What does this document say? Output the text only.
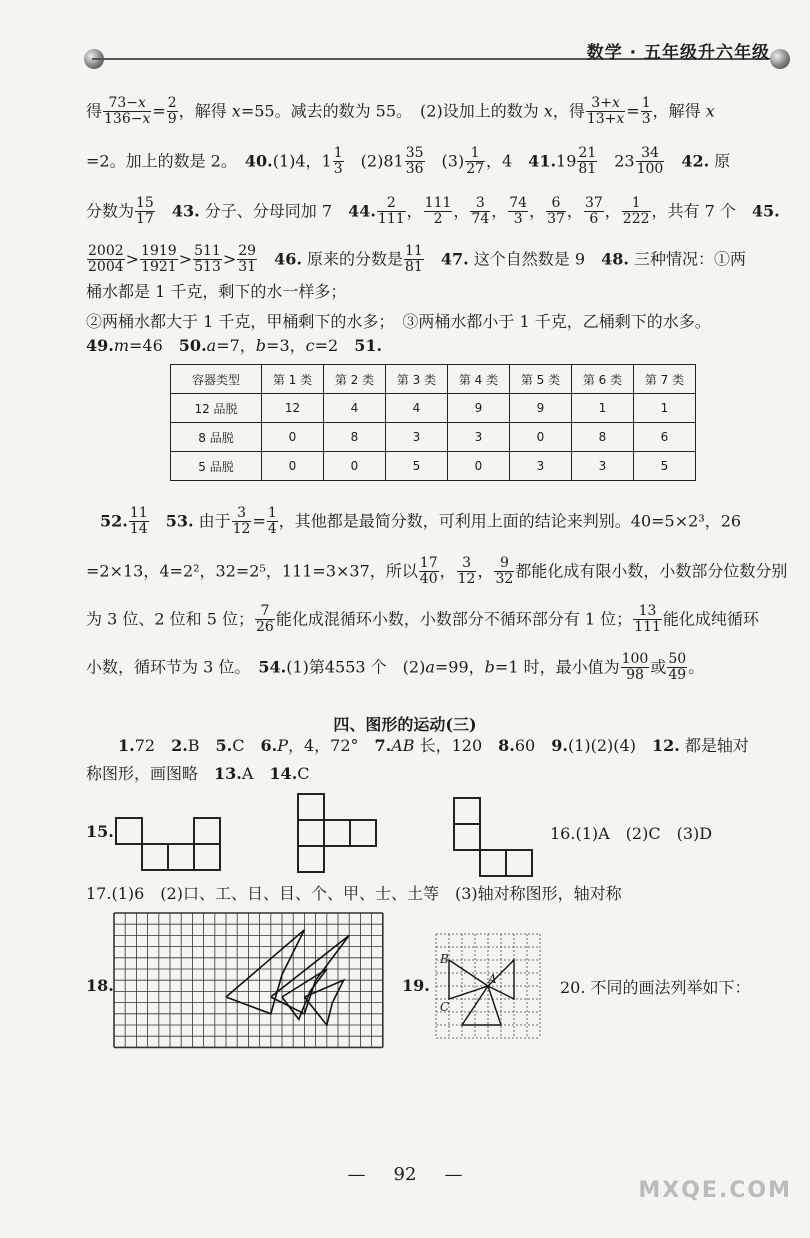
数学 · 五年级升六年级
得 $\frac{73-x}{136-x} = \frac{2}{9}$ ，解得 x=55。减去的数为 55。　(2)设加上的数为 x，得 $\frac{3+x}{13+x} = \frac{1}{3}$ ，解得 x
=2。加上的数是 2。　40.(1)4，$1 \frac{1}{3}$ 　$(2)81 \frac{35}{36}$ 　$(3) \frac{1}{27}$ ，4　$41.19 \frac{21}{81}$ 　$23 \frac{34}{100}$
　 42. 原
分数为 $\frac{15}{17}$
　 43. 分子、分母同加 7　44. $\frac{2}{111}$ ， $\frac{111}{2}$ ， $\frac{3}{74}$ ， $\frac{74}{3}$ ， $\frac{6}{37}$ ， $\frac{37}{6}$ ， $\frac{1}{222}$ ，共有 7 个　45.
$\frac{2002}{2004} > \frac{1919}{1921} > \frac{511}{513} > \frac{29}{31}$
　 46. 原来的分数是 $\frac{11}{81}$
　 47. 这个自然数是 9　48. 三种情况：①两
桶水都是 1 千克，剩下的水一样多；
②两桶水都大于 1 千克，甲桶剩下的水多；　③两桶水都小于 1 千克，乙桶剩下的水多。
49.m=46　50.a=7，b=3，c=2　51.
容器类型	第 1 类	第 2 类	第 3 类	第 4 类	第 5 类	第 6 类	第 7 类
12 品脱	12	4	4	9	9	1	1
8 品脱	0	8	3	3	0	8	6
5 品脱	0	0	5	0	3	3	5
52. $\frac{11}{14}$
　 53. 由于 $\frac{3}{12} = \frac{1}{4}$ ，其他都是最简分数，可利用上面的结论来判别。40=5×2³，26
=2×13，4=2²，32=2⁵，111=3×37，所以 $\frac{17}{40}$ ， $\frac{3}{12}$ ， $\frac{9}{32}$ 都能化成有限小数，小数部分位数分别
为 3 位、2 位和 5 位； $\frac{7}{26}$ 能化成混循环小数，小数部分不循环部分有 1 位； $\frac{13}{111}$ 能化成纯循环
小数，循环节为 3 位。　54.(1)第4553 个　(2)a=99，b=1 时，最小值为 $\frac{100}{98}$ 或 $\frac{50}{49}$ 。
四、图形的运动(三)
1.72　2.B　5.C　6.P，4，72°　7.AB 长，120　8.60　9.(1)(2)(4)　12. 都是轴对
称图形，画图略　13.A　14.C
15.	16.(1)A　(2)C　(3)D
17.(1)6　(2)口、工、日、目、个、甲、士、土等　(3)轴对称图形，轴对称
18.	19.
B
A
C
20. 不同的画法列举如下：
— 92 —
MXQE.COM
